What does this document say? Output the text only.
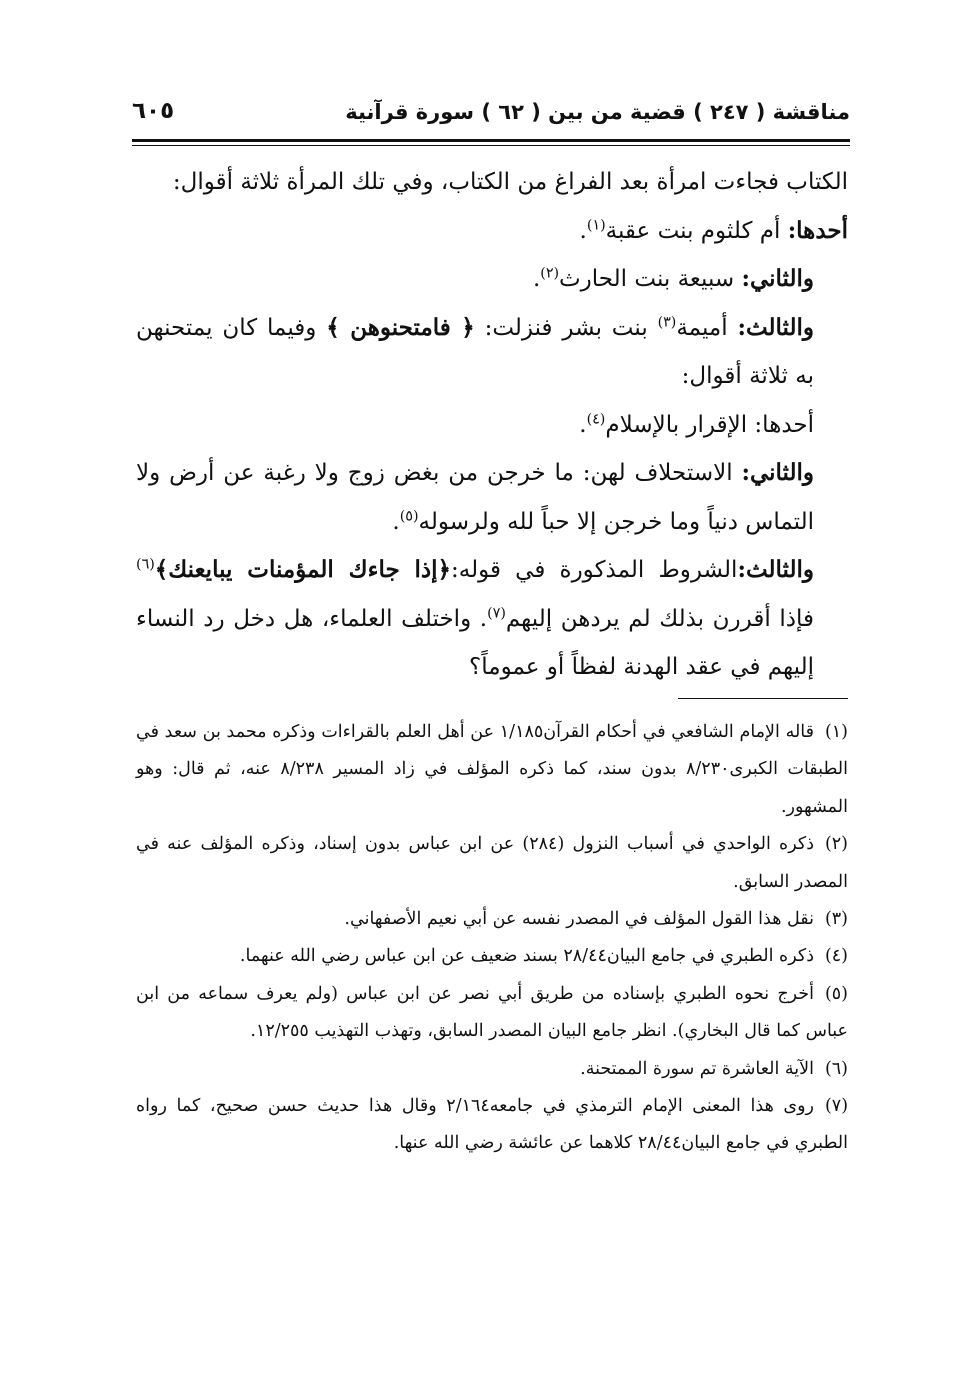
مناقشة ( ٢٤٧ ) قضية من بين ( ٦٢ ) سورة قرآنية
٦٠٥

الكتاب فجاءت امرأة بعد الفراغ من الكتاب، وفي تلك المرأة ثلاثة أقوال:

أحدها: أم كلثوم بنت عقبة$^{(١)}$.

والثاني: سبيعة بنت الحارث$^{(٢)}$.

والثالث: أميمة$^{(٣)}$ بنت بشر فنزلت: ﴿ فامتحنوهن ﴾ وفيما كان يمتحنهن به ثلاثة أقوال:

أحدها: الإقرار بالإسلام$^{(٤)}$.

والثاني: الاستحلاف لهن: ما خرجن من بغض زوج ولا رغبة عن أرض ولا التماس دنياً وما خرجن إلا حباً لله ولرسوله$^{(٥)}$.

والثالث:الشروط المذكورة في قوله:﴿إذا جاءك المؤمنات يبايعنك﴾$^{(٦)}$ فإذا أقررن بذلك لم يردهن إليهم$^{(٧)}$. واختلف العلماء، هل دخل رد النساء إليهم في عقد الهدنة لفظاً أو عموماً؟

(١)قاله الإمام الشافعي في أحكام القرآن١/١٨٥ عن أهل العلم بالقراءات وذكره محمد بن سعد في الطبقات الكبرى٨/٢٣٠ بدون سند، كما ذكره المؤلف في زاد المسير ٨/٢٣٨ عنه، ثم قال: وهو المشهور.

(٢)ذكره الواحدي في أسباب النزول (٢٨٤) عن ابن عباس بدون إسناد، وذكره المؤلف عنه في المصدر السابق.

(٣)نقل هذا القول المؤلف في المصدر نفسه عن أبي نعيم الأصفهاني.

(٤)ذكره الطبري في جامع البيان٢٨/٤٤ بسند ضعيف عن ابن عباس رضي الله عنهما.

(٥)أخرج نحوه الطبري بإسناده من طريق أبي نصر عن ابن عباس (ولم يعرف سماعه من ابن عباس كما قال البخاري). انظر جامع البيان المصدر السابق، وتهذب التهذيب ١٢/٢٥٥.

(٦)الآية العاشرة تم سورة الممتحنة.

(٧)روى هذا المعنى الإمام الترمذي في جامعه٢/١٦٤ وقال هذا حديث حسن صحيح، كما رواه الطبري في جامع البيان٢٨/٤٤ كلاهما عن عائشة رضي الله عنها.
